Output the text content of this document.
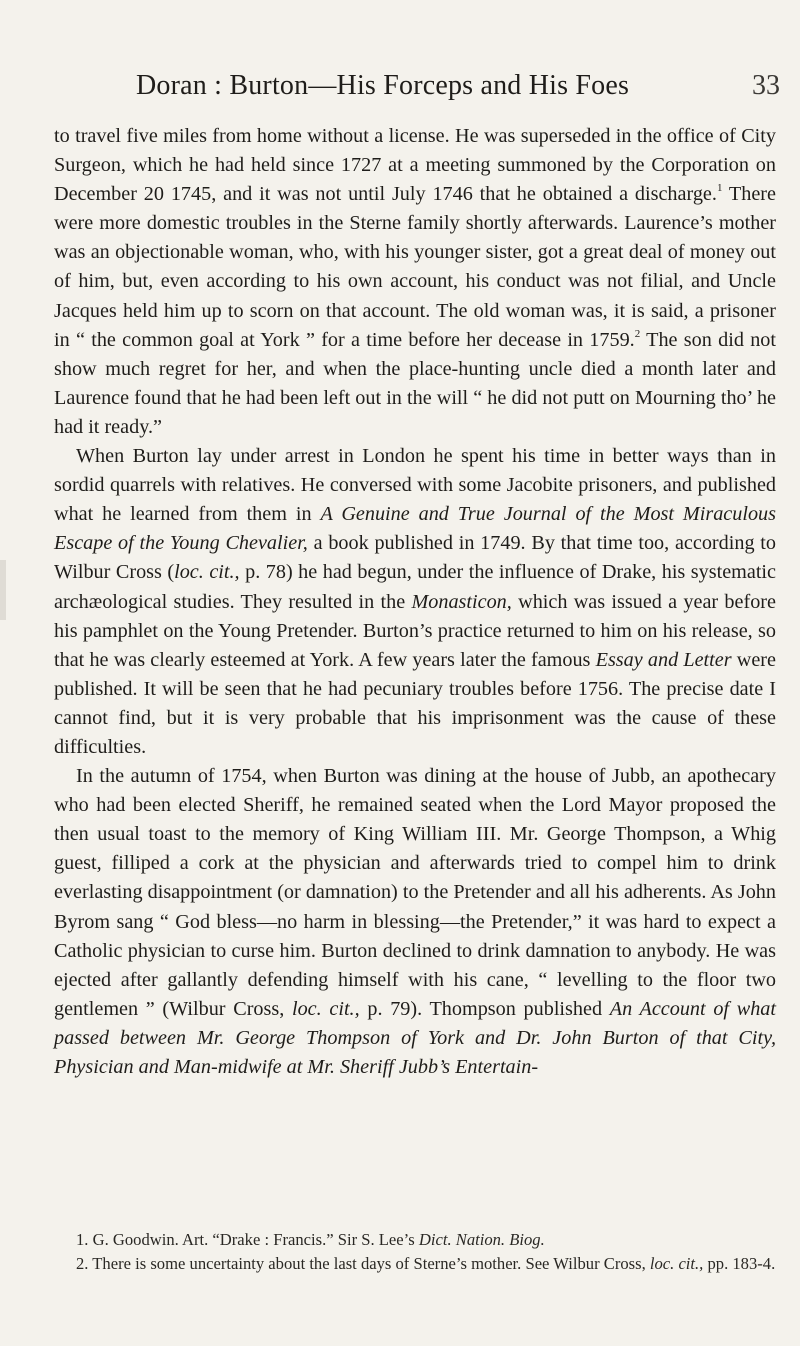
Doran : Burton—His Forceps and His Foes	33

to travel five miles from home without a license. He was superseded in the office of City Surgeon, which he had held since 1727 at a meeting summoned by the Corporation on December 20 1745, and it was not until July 1746 that he obtained a discharge.$^1$ There were more domestic troubles in the Sterne family shortly afterwards. Laurence’s mother was an objectionable woman, who, with his younger sister, got a great deal of money out of him, but, even according to his own account, his conduct was not filial, and Uncle Jacques held him up to scorn on that account. The old woman was, it is said, a prisoner in “ the common goal at York ” for a time before her decease in 1759.$^2$ The son did not show much regret for her, and when the place-hunting uncle died a month later and Laurence found that he had been left out in the will “ he did not putt on Mourning tho’ he had it ready.”

When Burton lay under arrest in London he spent his time in better ways than in sordid quarrels with relatives. He conversed with some Jacobite prisoners, and published what he learned from them in A Genuine and True Journal of the Most Miraculous Escape of the Young Chevalier, a book published in 1749. By that time too, according to Wilbur Cross (loc. cit., p. 78) he had begun, under the influence of Drake, his systematic archæological studies. They resulted in the Monasticon, which was issued a year before his pamphlet on the Young Pretender. Burton’s practice returned to him on his release, so that he was clearly esteemed at York. A few years later the famous Essay and Letter were published. It will be seen that he had pecuniary troubles before 1756. The precise date I cannot find, but it is very probable that his imprisonment was the cause of these difficulties.

In the autumn of 1754, when Burton was dining at the house of Jubb, an apothecary who had been elected Sheriff, he remained seated when the Lord Mayor proposed the then usual toast to the memory of King William III. Mr. George Thompson, a Whig guest, filliped a cork at the physician and afterwards tried to compel him to drink everlasting disappointment (or damnation) to the Pretender and all his adherents. As John Byrom sang “ God bless—no harm in blessing—the Pretender,” it was hard to expect a Catholic physician to curse him. Burton declined to drink damnation to anybody. He was ejected after gallantly defending himself with his cane, “ levelling to the floor two gentlemen ” (Wilbur Cross, loc. cit., p. 79). Thompson published An Account of what passed between Mr. George Thompson of York and Dr. John Burton of that City, Physician and Man-midwife at Mr. Sheriff Jubb’s Entertain-

1. G. Goodwin. Art. “Drake : Francis.” Sir S. Lee’s Dict. Nation. Biog.

2. There is some uncertainty about the last days of Sterne’s mother. See Wilbur Cross, loc. cit., pp. 183-4.
